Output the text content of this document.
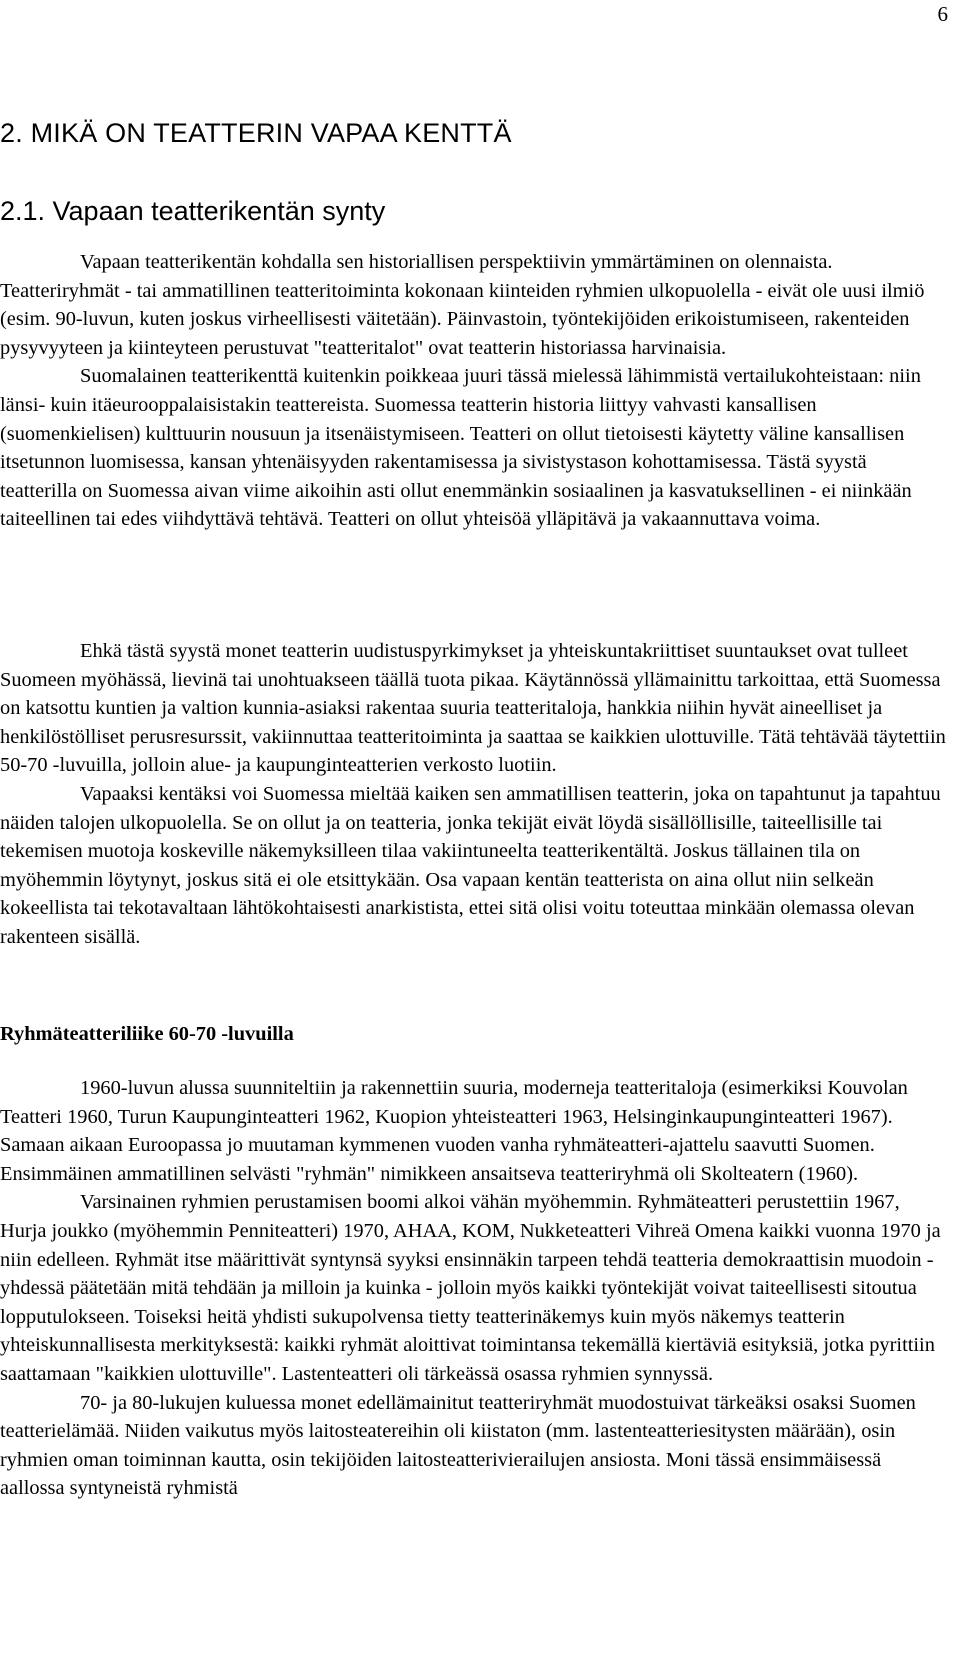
6
2. MIKÄ ON TEATTERIN VAPAA KENTTÄ
2.1. Vapaan teatterikentän synty

Vapaan teatterikentän kohdalla sen historiallisen perspektiivin ymmärtäminen on olennaista. Teatteriryhmät - tai ammatillinen teatteritoiminta kokonaan kiinteiden ryhmien ulkopuolella - eivät ole uusi ilmiö (esim. 90-luvun, kuten joskus virheellisesti väitetään). Päinvastoin, työntekijöiden erikoistumiseen, rakenteiden pysyvyyteen ja kiinteyteen perustuvat "teatteritalot" ovat teatterin historiassa harvinaisia.

Suomalainen teatterikenttä kuitenkin poikkeaa juuri tässä mielessä lähimmistä vertailukohteistaan: niin länsi- kuin itäeurooppalaisistakin teattereista. Suomessa teatterin historia liittyy vahvasti kansallisen (suomenkielisen) kulttuurin nousuun ja itsenäistymiseen. Teatteri on ollut tietoisesti käytetty väline kansallisen itsetunnon luomisessa, kansan yhtenäisyyden rakentamisessa ja sivistystason kohottamisessa. Tästä syystä teatterilla on Suomessa aivan viime aikoihin asti ollut enemmänkin sosiaalinen ja kasvatuksellinen - ei niinkään taiteellinen tai edes viihdyttävä tehtävä. Teatteri on ollut yhteisöä ylläpitävä ja vakaannuttava voima.

Ehkä tästä syystä monet teatterin uudistuspyrkimykset ja yhteiskuntakriittiset suuntaukset ovat tulleet Suomeen myöhässä, lievinä tai unohtuakseen täällä tuota pikaa. Käytännössä yllämainittu tarkoittaa, että Suomessa on katsottu kuntien ja valtion kunnia-asiaksi rakentaa suuria teatteritaloja, hankkia niihin hyvät aineelliset ja henkilöstölliset perusresurssit, vakiinnuttaa teatteritoiminta ja saattaa se kaikkien ulottuville. Tätä tehtävää täytettiin 50-70 -luvuilla, jolloin alue- ja kaupunginteatterien verkosto luotiin.

Vapaaksi kentäksi voi Suomessa mieltää kaiken sen ammatillisen teatterin, joka on tapahtunut ja tapahtuu näiden talojen ulkopuolella. Se on ollut ja on teatteria, jonka tekijät eivät löydä sisällöllisille, taiteellisille tai tekemisen muotoja koskeville näkemyksilleen tilaa vakiintuneelta teatterikentältä. Joskus tällainen tila on myöhemmin löytynyt, joskus sitä ei ole etsittykään. Osa vapaan kentän teatterista on aina ollut niin selkeän kokeellista tai tekotavaltaan lähtökohtaisesti anarkistista, ettei sitä olisi voitu toteuttaa minkään olemassa olevan rakenteen sisällä.

Ryhmäteatteriliike 60-70 -luvuilla

1960-luvun alussa suunniteltiin ja rakennettiin suuria, moderneja teatteritaloja (esimerkiksi Kouvolan Teatteri 1960, Turun Kaupunginteatteri 1962, Kuopion yhteisteatteri 1963, Helsinginkaupunginteatteri 1967). Samaan aikaan Euroopassa jo muutaman kymmenen vuoden vanha ryhmäteatteri-ajattelu saavutti Suomen. Ensimmäinen ammatillinen selvästi "ryhmän" nimikkeen ansaitseva teatteriryhmä oli Skolteatern (1960).

Varsinainen ryhmien perustamisen boomi alkoi vähän myöhemmin. Ryhmäteatteri perustettiin 1967, Hurja joukko (myöhemmin Penniteatteri) 1970, AHAA, KOM, Nukketeatteri Vihreä Omena kaikki vuonna 1970 ja niin edelleen. Ryhmät itse määrittivät syntynsä syyksi ensinnäkin tarpeen tehdä teatteria demokraattisin muodoin - yhdessä päätetään mitä tehdään ja milloin ja kuinka - jolloin myös kaikki työntekijät voivat taiteellisesti sitoutua lopputulokseen. Toiseksi heitä yhdisti sukupolvensa tietty teatterinäkemys kuin myös näkemys teatterin yhteiskunnallisesta merkityksestä: kaikki ryhmät aloittivat toimintansa tekemällä kiertäviä esityksiä, jotka pyrittiin saattamaan "kaikkien ulottuville". Lastenteatteri oli tärkeässä osassa ryhmien synnyssä.

70- ja 80-lukujen kuluessa monet edellämainitut teatteriryhmät muodostuivat tärkeäksi osaksi Suomen teatterielämää. Niiden vaikutus myös laitosteatereihin oli kiistaton (mm. lastenteatteriesitysten määrään), osin ryhmien oman toiminnan kautta, osin tekijöiden laitosteatterivierailujen ansiosta. Moni tässä ensimmäisessä aallossa syntyneistä ryhmistä
